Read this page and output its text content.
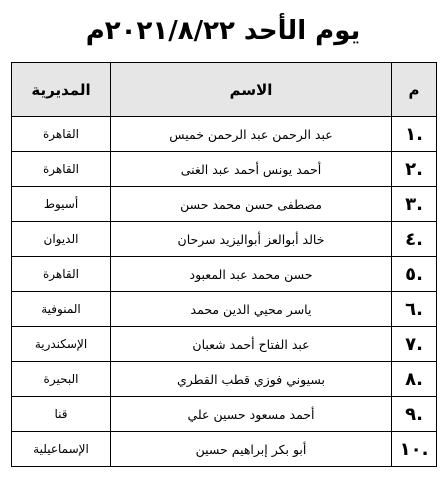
يوم الأحد ٢٠٢١/٨/٢٢م
م	الاسم	المديرية
.١	عبد الرحمن عبد الرحمن خميس	القاهرة
.٢	أحمد يونس أحمد عبد الغنى	القاهرة
.٣	مصطفى حسن محمد حسن	أسيوط
.٤	خالد أبوالعز أبواليزيد سرحان	الديوان
.٥	حسن محمد عبد المعبود	القاهرة
.٦	ياسر محيي الدين محمد	المنوفية
.٧	عبد الفتاح أحمد شعبان	الإسكندرية
.٨	بسيوني فوزي قطب القطري	البحيرة
.٩	أحمد مسعود حسين علي	قنا
.١٠	أبو بكر إبراهيم حسين	الإسماعيلية
